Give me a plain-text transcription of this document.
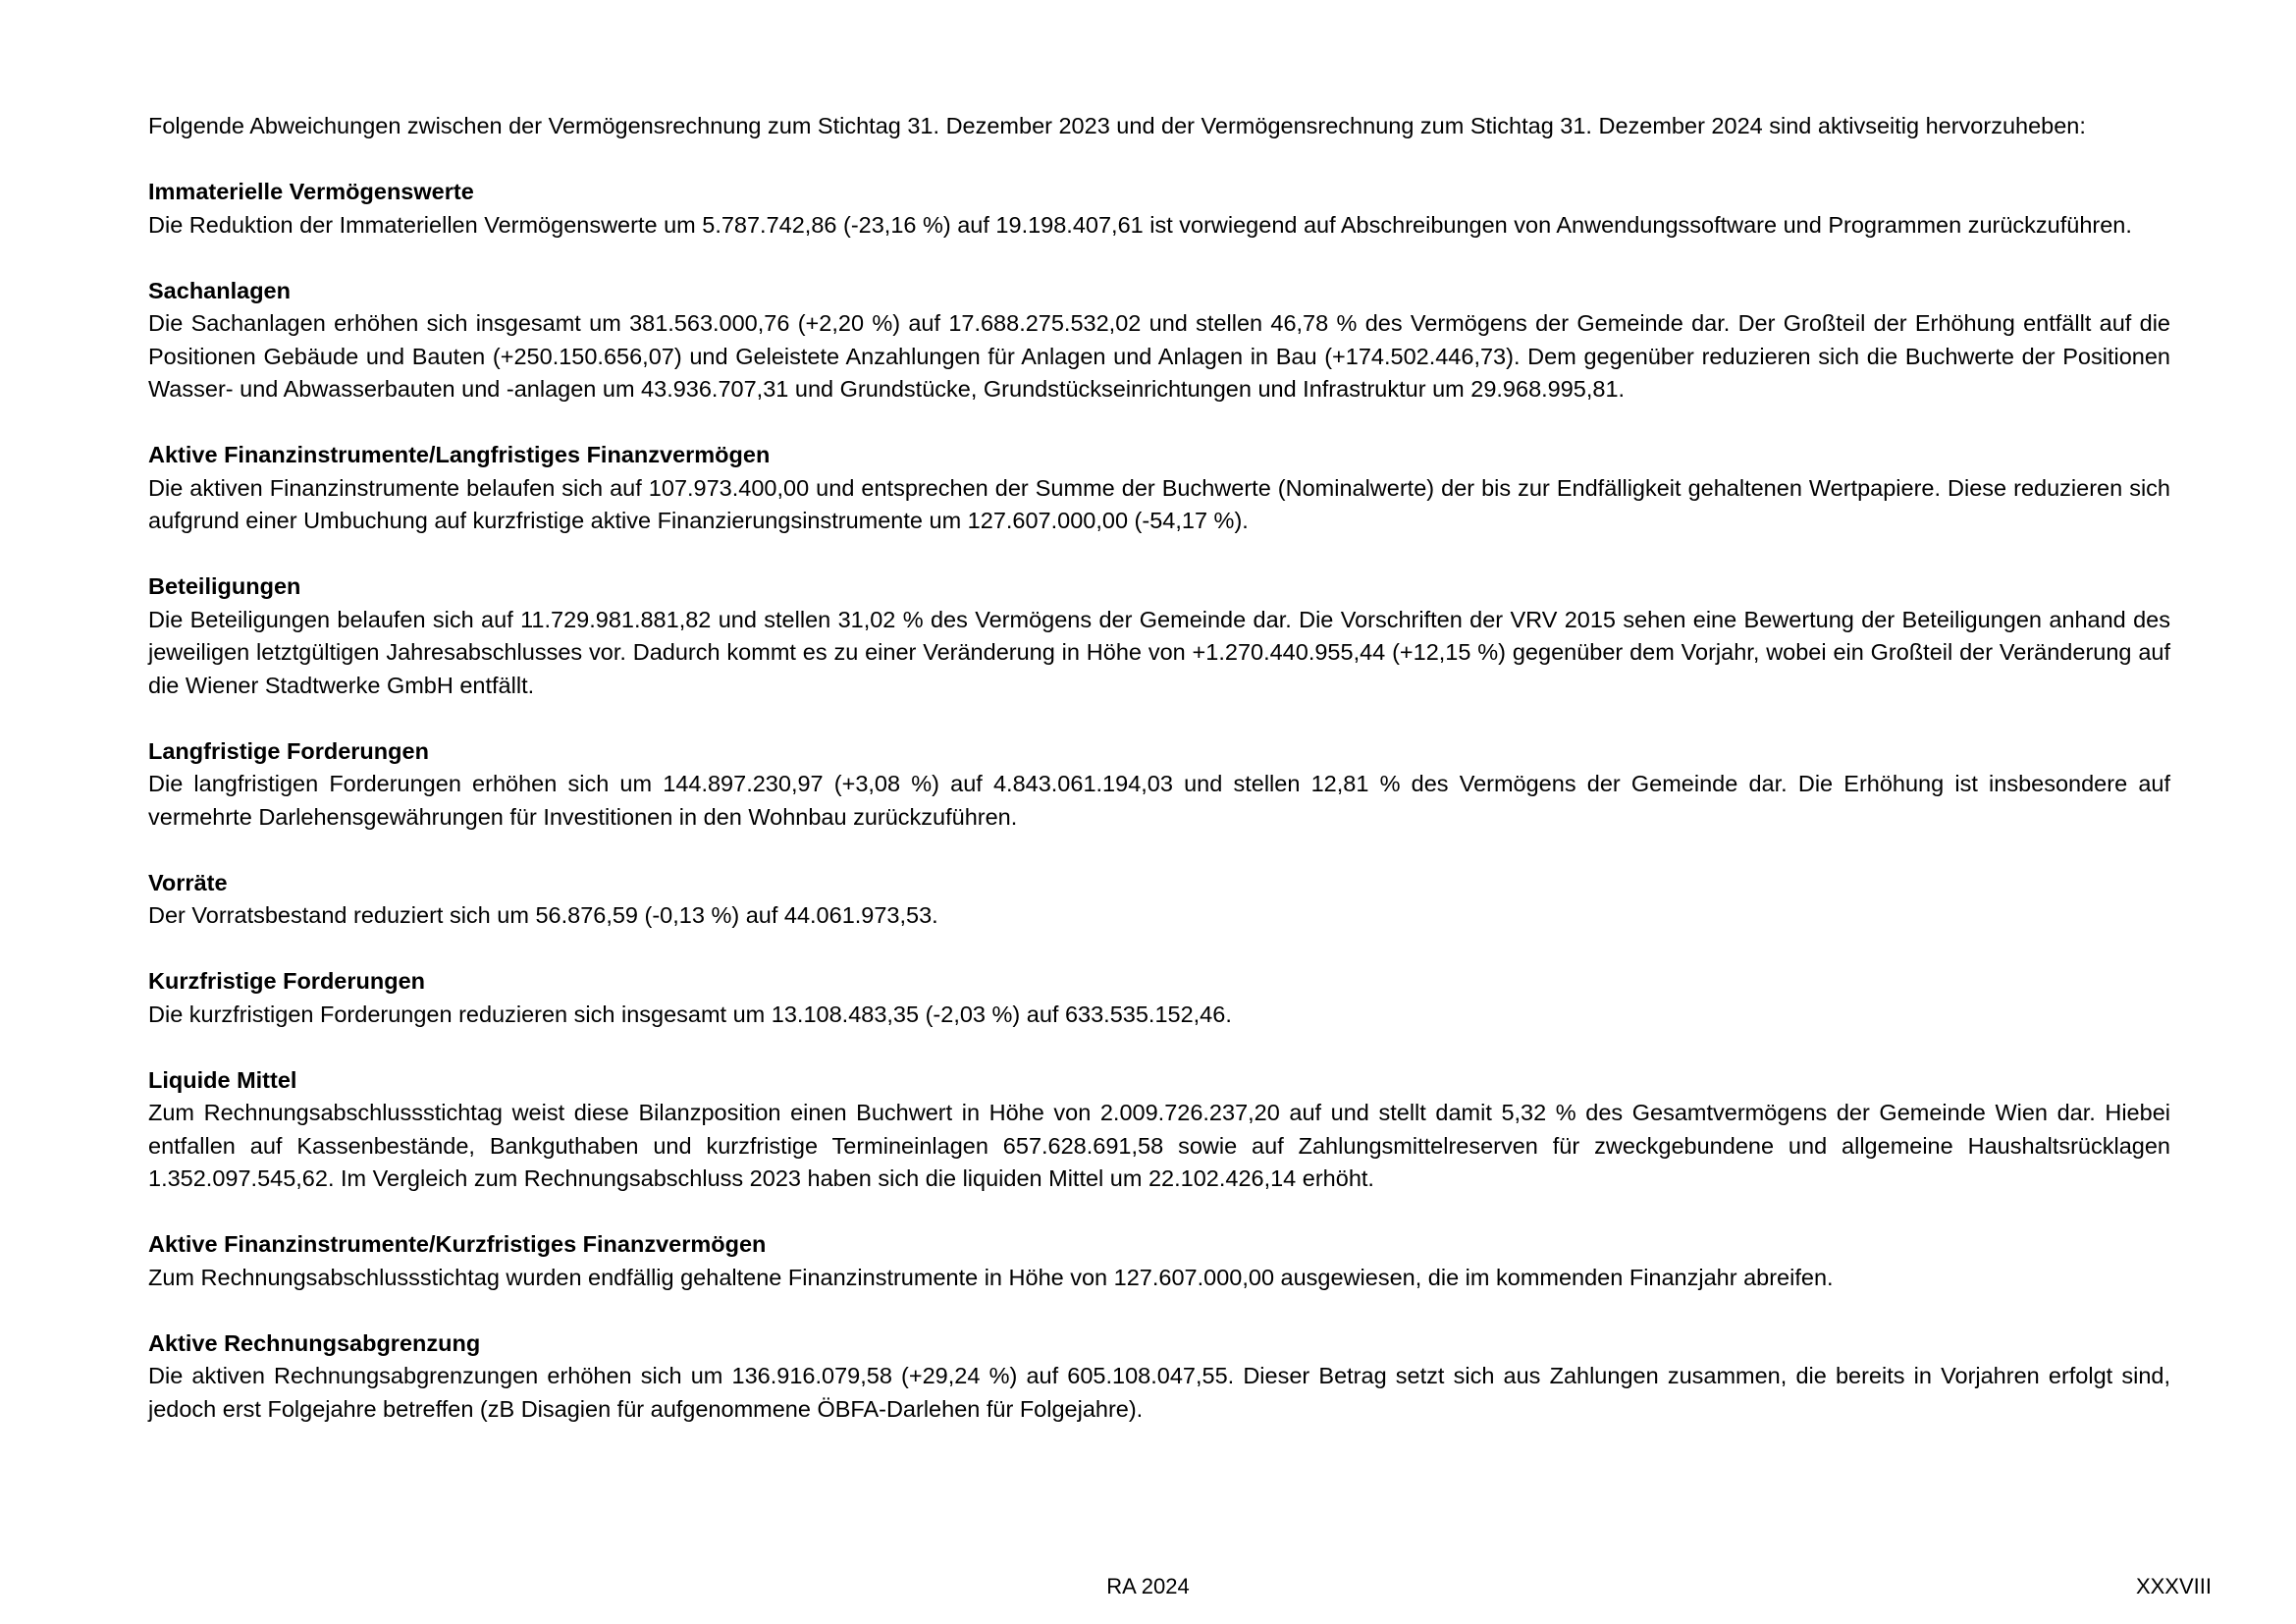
Folgende Abweichungen zwischen der Vermögensrechnung zum Stichtag 31. Dezember 2023 und der Vermögensrechnung zum Stichtag 31. Dezember 2024 sind aktivseitig hervorzuheben:

Immaterielle Vermögenswerte

Die Reduktion der Immateriellen Vermögenswerte um 5.787.742,86 (-23,16 %) auf 19.198.407,61 ist vorwiegend auf Abschreibungen von Anwendungssoftware und Programmen zurückzuführen.

Sachanlagen

Die Sachanlagen erhöhen sich insgesamt um 381.563.000,76 (+2,20 %) auf 17.688.275.532,02 und stellen 46,78 % des Vermögens der Gemeinde dar. Der Großteil der Erhöhung entfällt auf die Positionen Gebäude und Bauten (+250.150.656,07) und Geleistete Anzahlungen für Anlagen und Anlagen in Bau (+174.502.446,73). Dem gegenüber reduzieren sich die Buchwerte der Positionen Wasser- und Abwasserbauten und -anlagen um 43.936.707,31 und Grundstücke, Grundstückseinrichtungen und Infrastruktur um 29.968.995,81.

Aktive Finanzinstrumente/Langfristiges Finanzvermögen

Die aktiven Finanzinstrumente belaufen sich auf 107.973.400,00 und entsprechen der Summe der Buchwerte (Nominalwerte) der bis zur Endfälligkeit gehaltenen Wertpapiere. Diese reduzieren sich aufgrund einer Umbuchung auf kurzfristige aktive Finanzierungsinstrumente um 127.607.000,00 (-54,17 %).

Beteiligungen

Die Beteiligungen belaufen sich auf 11.729.981.881,82 und stellen 31,02 % des Vermögens der Gemeinde dar. Die Vorschriften der VRV 2015 sehen eine Bewertung der Beteiligungen anhand des jeweiligen letztgültigen Jahresabschlusses vor. Dadurch kommt es zu einer Veränderung in Höhe von +1.270.440.955,44 (+12,15 %) gegenüber dem Vorjahr, wobei ein Großteil der Veränderung auf die Wiener Stadtwerke GmbH entfällt.

Langfristige Forderungen

Die langfristigen Forderungen erhöhen sich um 144.897.230,97 (+3,08 %) auf 4.843.061.194,03 und stellen 12,81 % des Vermögens der Gemeinde dar. Die Erhöhung ist insbesondere auf vermehrte Darlehensgewährungen für Investitionen in den Wohnbau zurückzuführen.

Vorräte

Der Vorratsbestand reduziert sich um 56.876,59 (-0,13 %) auf 44.061.973,53.

Kurzfristige Forderungen

Die kurzfristigen Forderungen reduzieren sich insgesamt um 13.108.483,35 (-2,03 %) auf 633.535.152,46.

Liquide Mittel

Zum Rechnungsabschlussstichtag weist diese Bilanzposition einen Buchwert in Höhe von 2.009.726.237,20 auf und stellt damit 5,32 % des Gesamtvermögens der Gemeinde Wien dar. Hiebei entfallen auf Kassenbestände, Bankguthaben und kurzfristige Termineinlagen 657.628.691,58 sowie auf Zahlungsmittelreserven für zweckgebundene und allgemeine Haushaltsrücklagen 1.352.097.545,62. Im Vergleich zum Rechnungsabschluss 2023 haben sich die liquiden Mittel um 22.102.426,14 erhöht.

Aktive Finanzinstrumente/Kurzfristiges Finanzvermögen

Zum Rechnungsabschlussstichtag wurden endfällig gehaltene Finanzinstrumente in Höhe von 127.607.000,00 ausgewiesen, die im kommenden Finanzjahr abreifen.

Aktive Rechnungsabgrenzung

Die aktiven Rechnungsabgrenzungen erhöhen sich um 136.916.079,58 (+29,24 %) auf 605.108.047,55. Dieser Betrag setzt sich aus Zahlungen zusammen, die bereits in Vorjahren erfolgt sind, jedoch erst Folgejahre betreffen (zB Disagien für aufgenommene ÖBFA-Darlehen für Folgejahre).

RA 2024	XXXVIII
